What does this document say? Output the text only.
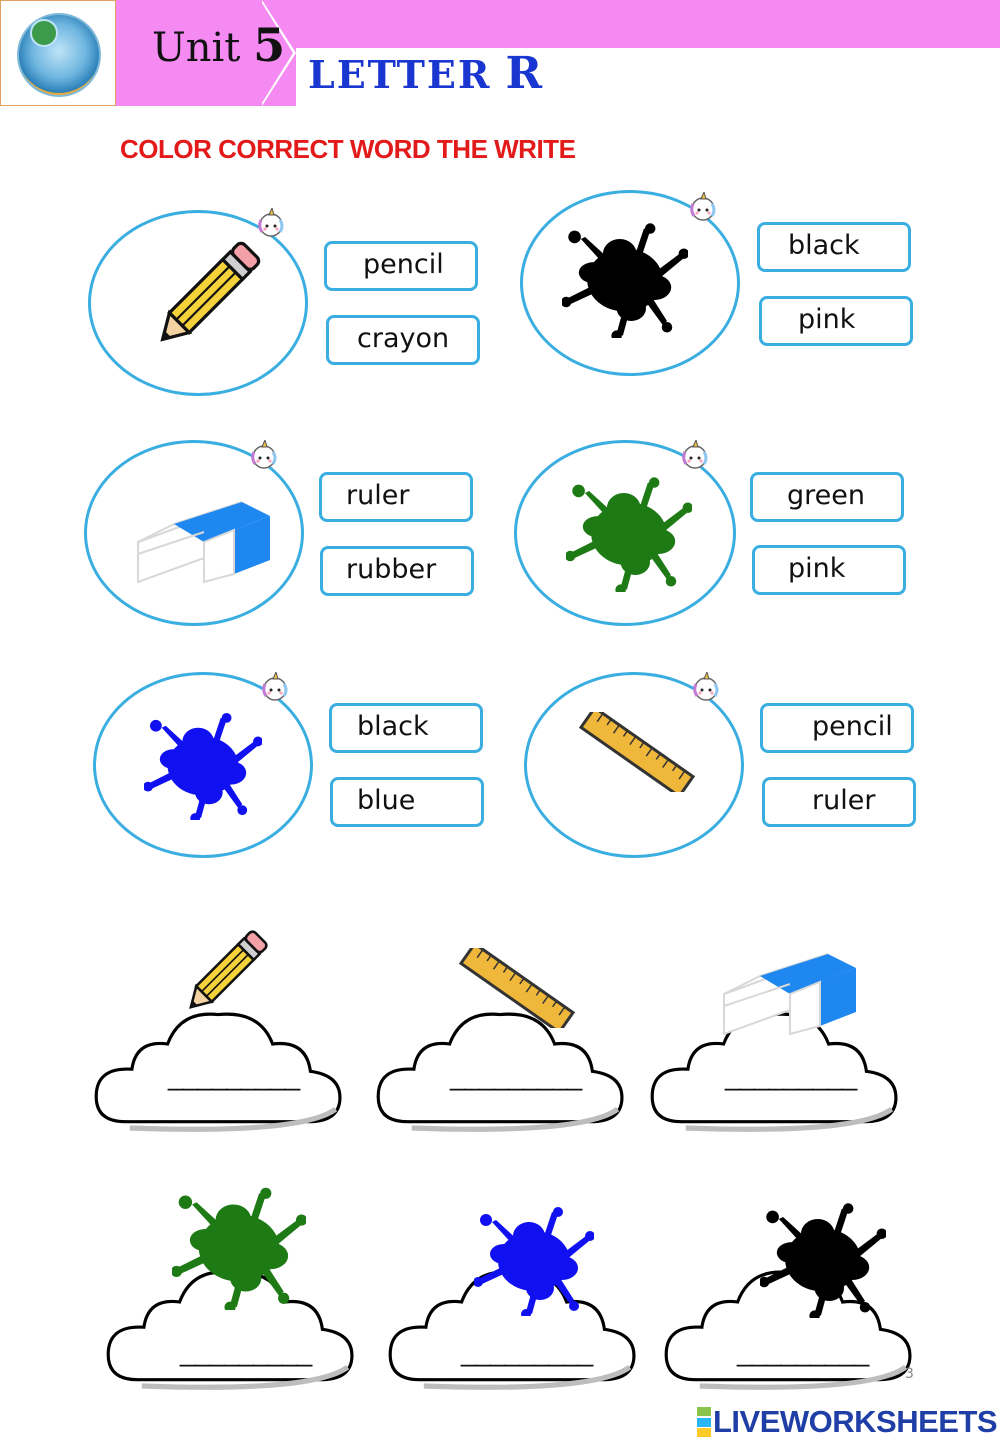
Unit 5
LETTER R
COLOR CORRECT WORD THE WRITE
pencil
crayon
black
pink
ruler
rubber
green
pink
black
blue
pencil
ruler
_________	_________	_________
_________	_________	_________
3
LIVEWORKSHEETS
